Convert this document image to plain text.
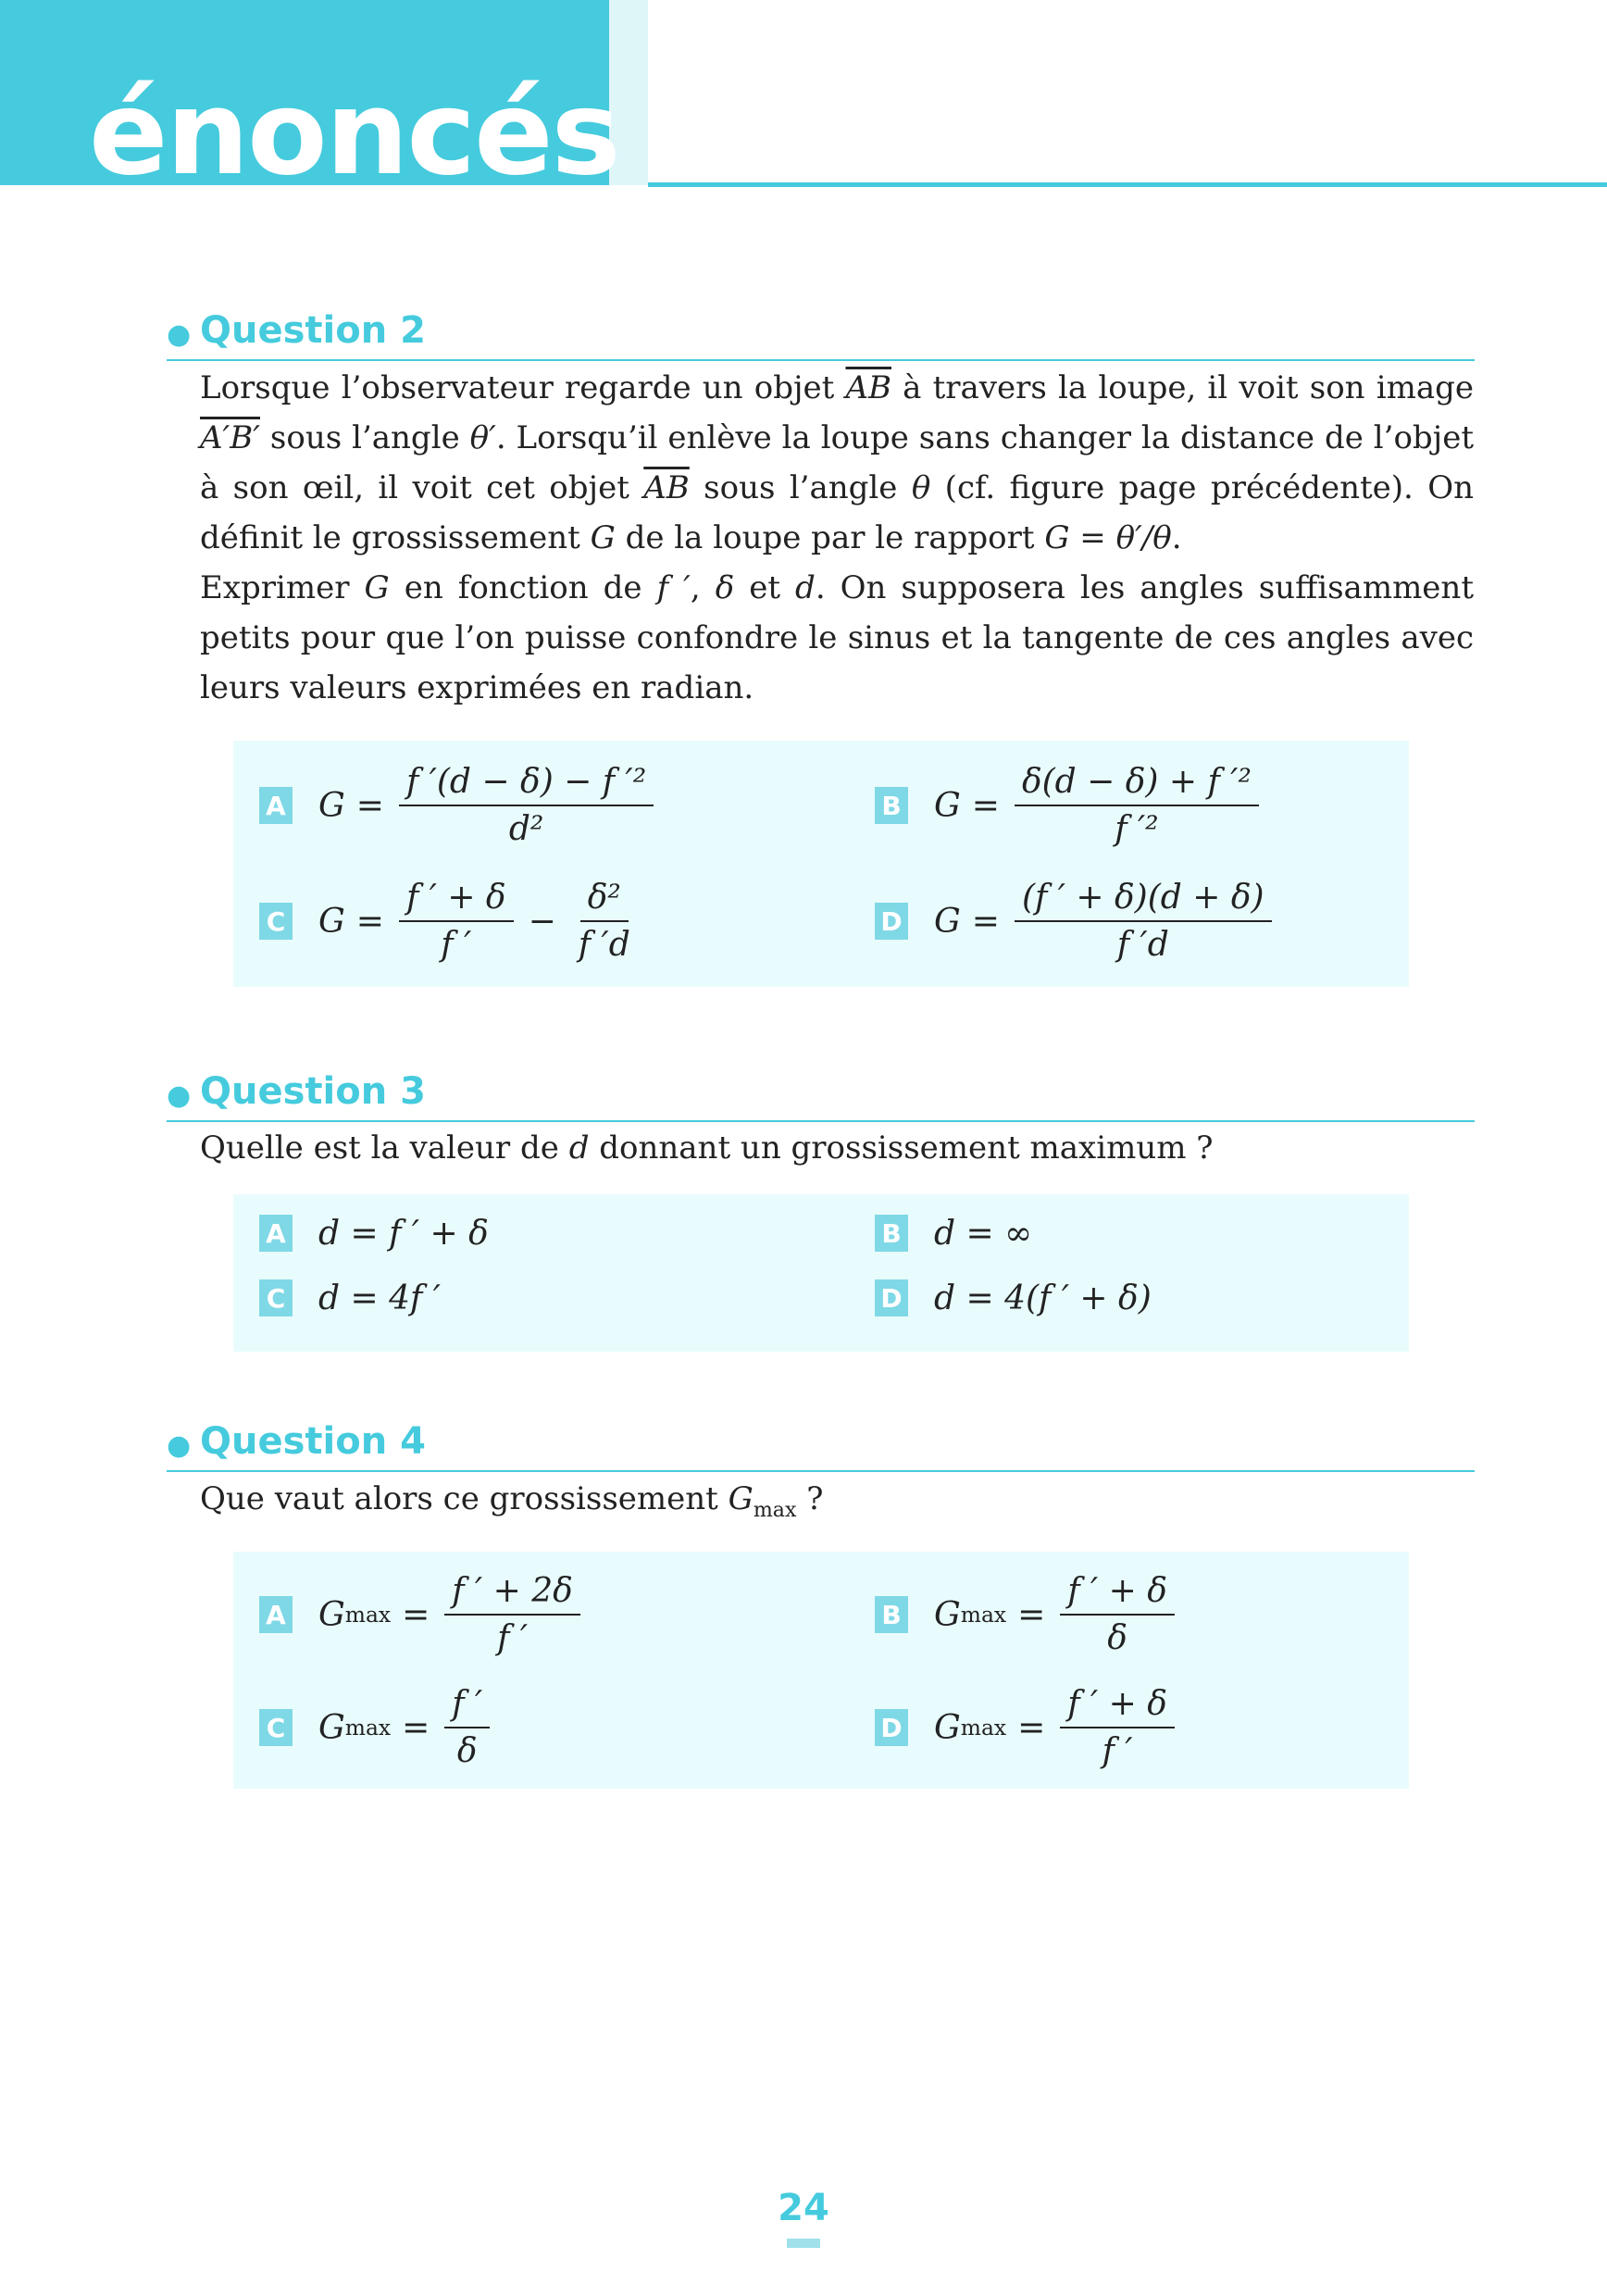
énoncés
● Question 2

Lorsque l’observateur regarde un objet $\overline{AB}$ à travers la loupe, il voit son image A′B′ sous l’angle θ′. Lorsqu’il enlève la loupe sans changer la distance de l’objet à son œil, il voit cet objet $\overline{AB}$ sous l’angle θ (cf. figure page précédente). On définit le grossissement G de la loupe par le rapport G = θ′/θ.

Exprimer G en fonction de f ′, δ et d. On supposera les angles suffisamment petits pour que l’on puisse confondre le sinus et la tangente de ces angles avec leurs valeurs exprimées en radian.

A $G = \frac{\text{f ′(d − δ) − f ′²}}{\text{d²}}$	B $G = \frac{\text{δ(d − δ) + f ′²}}{\text{f ′²}}$
C $G = \frac{f ' + \delta}{f '} - \frac{\text{δ²}}{f 'd}$	D $G = \frac{(f ' + \delta)(d + \delta)}{f 'd}$
● Question 3

Quelle est la valeur de d donnant un grossissement maximum ?

A d = f ′ + δ	B d = ∞
C d = 4f ′	D d = 4(f ′ + δ)
● Question 4

Que vaut alors ce grossissement $G_{max}$ ?

A G $\max = \frac{f ' + 2\delta}{f '}$	B G $\max = \frac{f ' + \delta}{\delta}$
C G $\max = \frac{f '}{\delta}$	D G $\max = \frac{f ' + \delta}{f '}$
24
